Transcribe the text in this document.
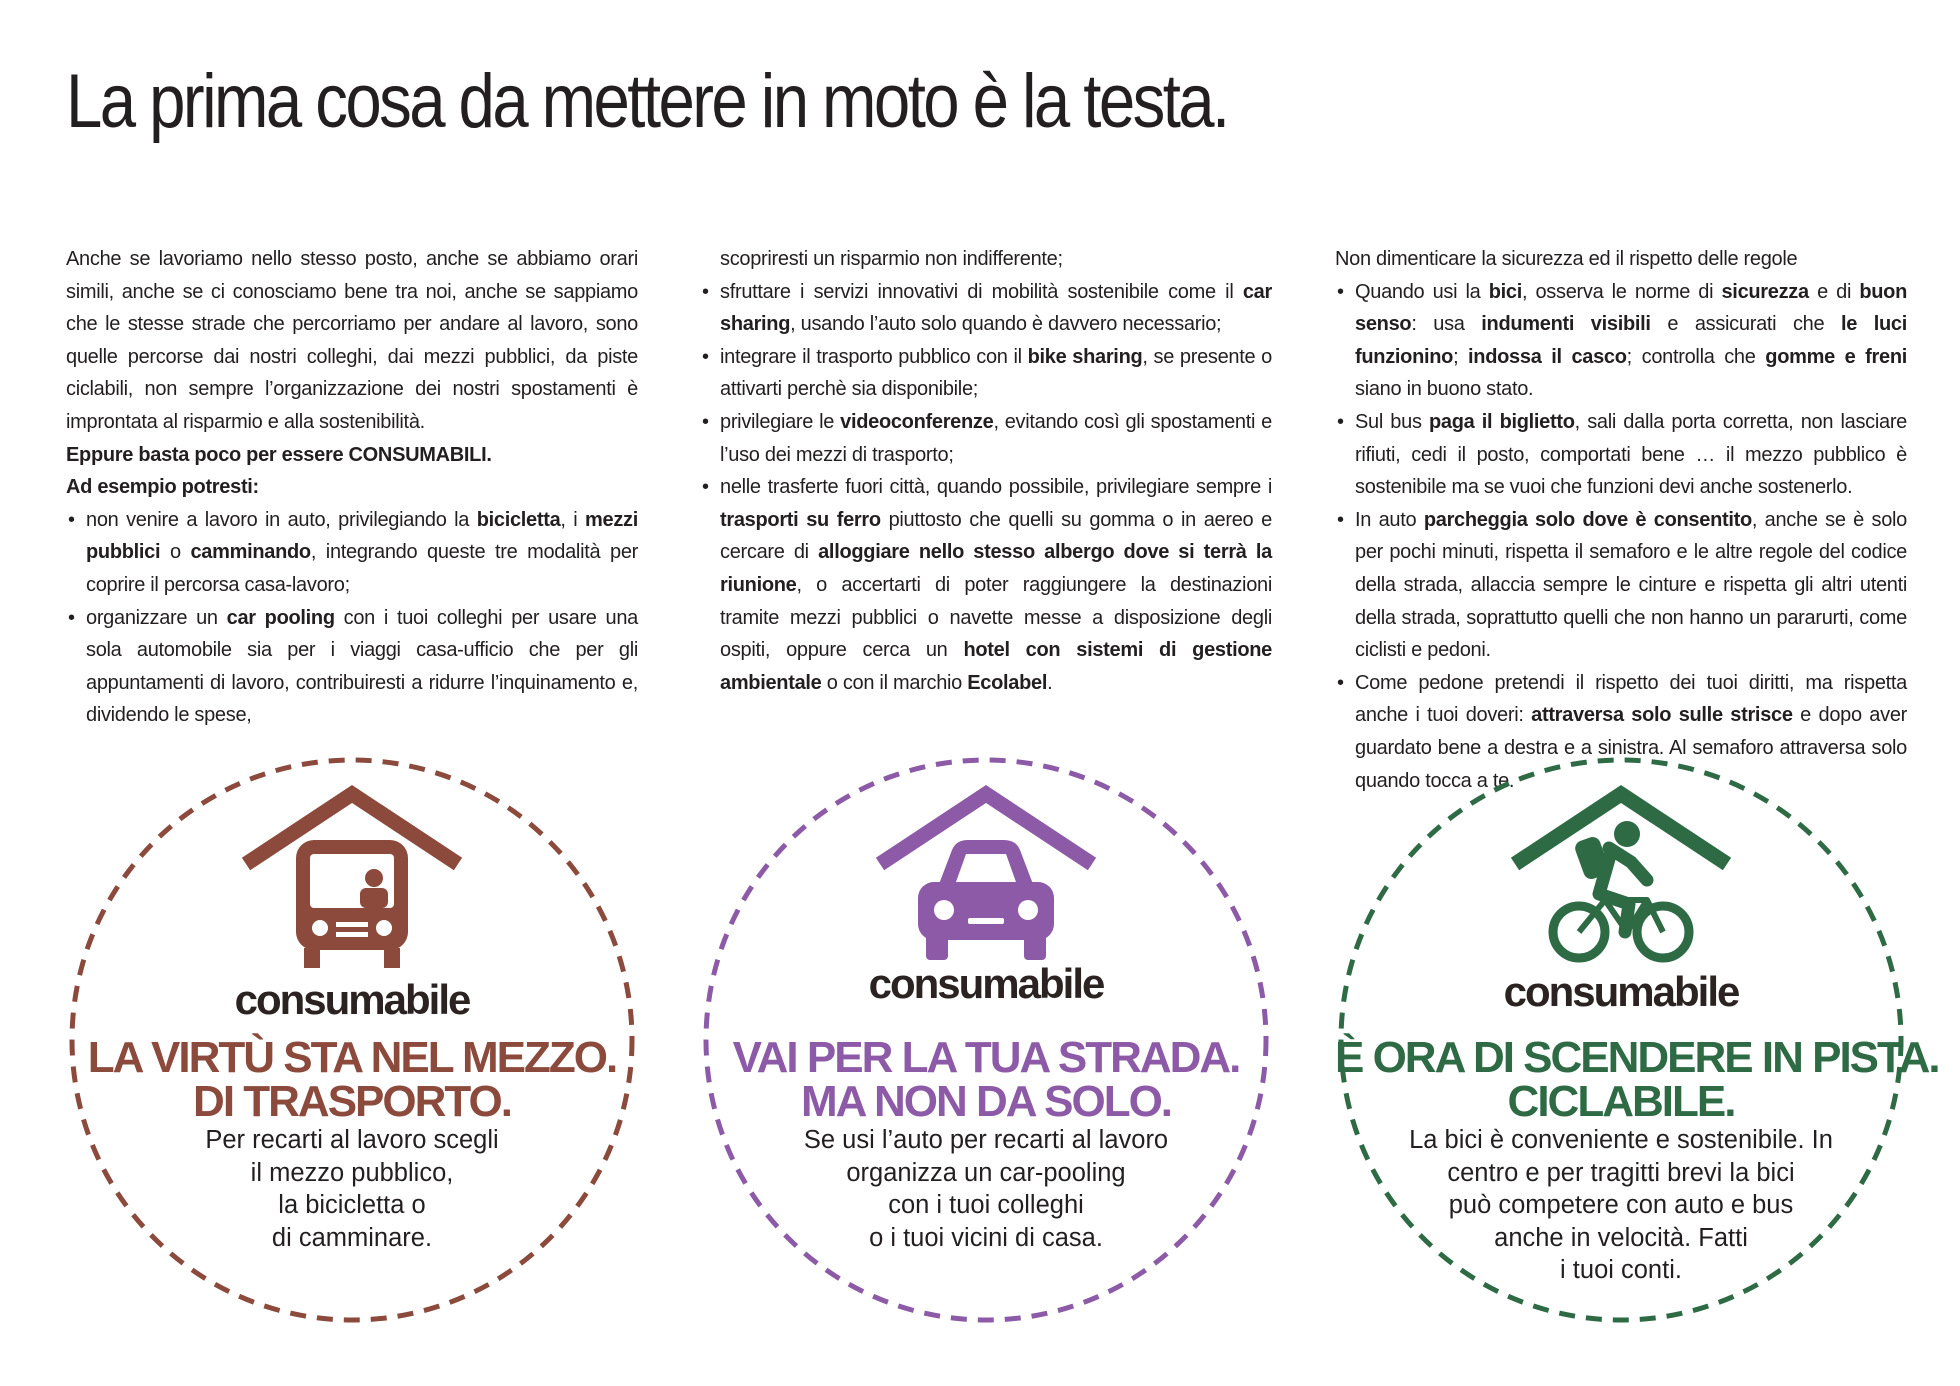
La prima cosa da mettere in moto è la testa.

Anche se lavoriamo nello stesso posto, anche se abbiamo orari simili, anche se ci conosciamo bene tra noi, anche se sappiamo che le stesse strade che percorriamo per andare al lavoro, sono quelle percorse dai nostri colleghi, dai mezzi pubblici, da piste ciclabili, non sempre l’organizzazione dei nostri spostamenti è improntata al risparmio e alla sostenibilità.

Eppure basta poco per essere CONSUMABILI.

Ad esempio potresti:

• non venire a lavoro in auto, privilegiando la bicicletta, i mezzi pubblici o camminando, integrando queste tre modalità per coprire il percorsa casa-lavoro;
• organizzare un car pooling con i tuoi colleghi per usare una sola automobile sia per i viaggi casa-ufficio che per gli appuntamenti di lavoro, contribuiresti a ridurre l’inquinamento e, dividendo le spese,

scopriresti un risparmio non indifferente;

• sfruttare i servizi innovativi di mobilità sostenibile come il car sharing, usando l’auto solo quando è davvero necessario;
• integrare il trasporto pubblico con il bike sharing, se presente o attivarti perchè sia disponibile;
• privilegiare le videoconferenze, evitando così gli spostamenti e l’uso dei mezzi di trasporto;
• nelle trasferte fuori città, quando possibile, privilegiare sempre i trasporti su ferro piuttosto che quelli su gomma o in aereo e cercare di alloggiare nello stesso albergo dove si terrà la riunione, o accertarti di poter raggiungere la destinazioni tramite mezzi pubblici o navette messe a disposizione degli ospiti, oppure cerca un hotel con sistemi di gestione ambientale o con il marchio Ecolabel.

Non dimenticare la sicurezza ed il rispetto delle regole

• Quando usi la bici, osserva le norme di sicurezza e di buon senso: usa indumenti visibili e assicurati che le luci funzionino; indossa il casco; controlla che gomme e freni siano in buono stato.
• Sul bus paga il biglietto, sali dalla porta corretta, non lasciare rifiuti, cedi il posto, comportati bene … il mezzo pubblico è sostenibile ma se vuoi che funzioni devi anche sostenerlo.
• In auto parcheggia solo dove è consentito, anche se è solo per pochi minuti, rispetta il semaforo e le altre regole del codice della strada, allaccia sempre le cinture e rispetta gli altri utenti della strada, soprattutto quelli che non hanno un pararurti, come ciclisti e pedoni.
• Come pedone pretendi il rispetto dei tuoi diritti, ma rispetta anche i tuoi doveri: attraversa solo sulle strisce e dopo aver guardato bene a destra e a sinistra. Al semaforo attraversa solo quando tocca a te.
consumabile
LA VIRTÙ STA NEL MEZZO.
DI TRASPORTO.
Per recarti al lavoro scegli
il mezzo pubblico,
la bicicletta o
di camminare.
consumabile
VAI PER LA TUA STRADA.
MA NON DA SOLO.
Se usi l’auto per recarti al lavoro
organizza un car-pooling
con i tuoi colleghi
o i tuoi vicini di casa.
consumabile
È ORA DI SCENDERE IN PISTA.
CICLABILE.
La bici è conveniente e sostenibile. In
centro e per tragitti brevi la bici
può competere con auto e bus
anche in velocità. Fatti
i tuoi conti.
